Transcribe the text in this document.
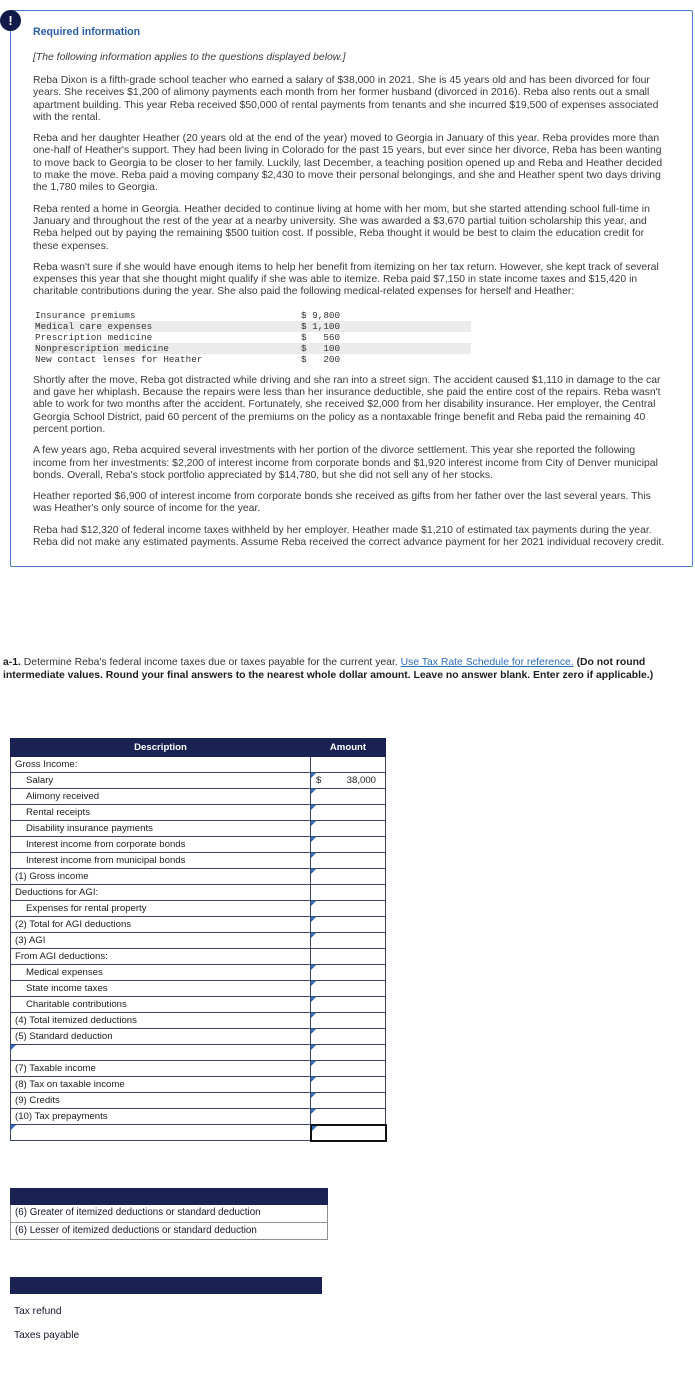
!
Required information
[The following information applies to the questions displayed below.]

Reba Dixon is a fifth-grade school teacher who earned a salary of $38,000 in 2021. She is 45 years old and has been divorced for four years. She receives $1,200 of alimony payments each month from her former husband (divorced in 2016). Reba also rents out a small apartment building. This year Reba received $50,000 of rental payments from tenants and she incurred $19,500 of expenses associated with the rental.

Reba and her daughter Heather (20 years old at the end of the year) moved to Georgia in January of this year. Reba provides more than one-half of Heather's support. They had been living in Colorado for the past 15 years, but ever since her divorce, Reba has been wanting to move back to Georgia to be closer to her family. Luckily, last December, a teaching position opened up and Reba and Heather decided to make the move. Reba paid a moving company $2,430 to move their personal belongings, and she and Heather spent two days driving the 1,780 miles to Georgia.

Reba rented a home in Georgia. Heather decided to continue living at home with her mom, but she started attending school full-time in January and throughout the rest of the year at a nearby university. She was awarded a $3,670 partial tuition scholarship this year, and Reba helped out by paying the remaining $500 tuition cost. If possible, Reba thought it would be best to claim the education credit for these expenses.

Reba wasn't sure if she would have enough items to help her benefit from itemizing on her tax return. However, she kept track of several expenses this year that she thought might qualify if she was able to itemize. Reba paid $7,150 in state income taxes and $15,420 in charitable contributions during the year. She also paid the following medical-related expenses for herself and Heather:

Insurance premiums	$ 9,800
Medical care expenses	$ 1,100
Prescription medicine	$   560
Nonprescription medicine	$   100
New contact lenses for Heather	$   200

Shortly after the move, Reba got distracted while driving and she ran into a street sign. The accident caused $1,110 in damage to the car and gave her whiplash. Because the repairs were less than her insurance deductible, she paid the entire cost of the repairs. Reba wasn't able to work for two months after the accident. Fortunately, she received $2,000 from her disability insurance. Her employer, the Central Georgia School District, paid 60 percent of the premiums on the policy as a nontaxable fringe benefit and Reba paid the remaining 40 percent portion.

A few years ago, Reba acquired several investments with her portion of the divorce settlement. This year she reported the following income from her investments: $2,200 of interest income from corporate bonds and $1,920 interest income from City of Denver municipal bonds. Overall, Reba's stock portfolio appreciated by $14,780, but she did not sell any of her stocks.

Heather reported $6,900 of interest income from corporate bonds she received as gifts from her father over the last several years. This was Heather's only source of income for the year.

Reba had $12,320 of federal income taxes withheld by her employer. Heather made $1,210 of estimated tax payments during the year. Reba did not make any estimated payments. Assume Reba received the correct advance payment for her 2021 individual recovery credit.

a-1. Determine Reba's federal income taxes due or taxes payable for the current year. Use Tax Rate Schedule for reference. (Do not round intermediate values. Round your final answers to the nearest whole dollar amount. Leave no answer blank. Enter zero if applicable.)

Description	Amount
Gross Income:	
Salary	$ 38,000

Alimony received	
Rental receipts	
Disability insurance payments	
Interest income from corporate bonds	
Interest income from municipal bonds	
(1) Gross income	
Deductions for AGI:	
Expenses for rental property	
(2) Total for AGI deductions	
(3) AGI	
From AGI deductions:	
Medical expenses	
State income taxes	
Charitable contributions	
(4) Total itemized deductions	
(5) Standard deduction	

(7) Taxable income	
(8) Tax on taxable income	
(9) Credits	
(10) Tax prepayments	

(6) Greater of itemized deductions or standard deduction
(6) Lesser of itemized deductions or standard deduction
Tax refund
Taxes payable
